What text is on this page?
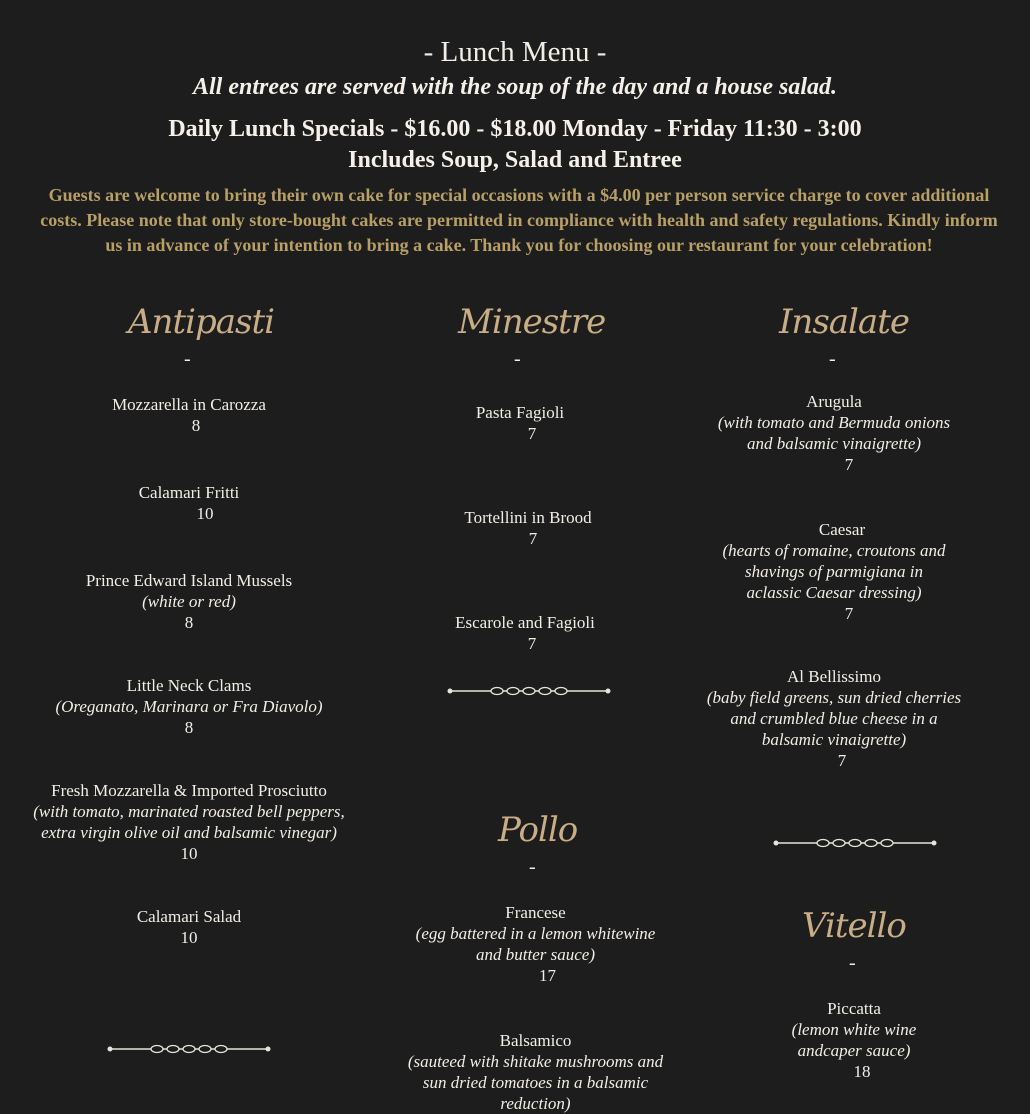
- Lunch Menu -
All entrees are served with the soup of the day and a house salad.
Daily Lunch Specials - $16.00 - $18.00 Monday - Friday 11:30 - 3:00
Includes Soup, Salad and Entree
Guests are welcome to bring their own cake for special occasions with a $4.00 per person service charge to cover additional costs. Please note that only store-bought cakes are permitted in compliance with health and safety regulations. Kindly inform us in advance of your intention to bring a cake. Thank you for choosing our restaurant for your celebration!
Antipasti
-
Mozzarella in Carozza
8
Calamari Fritti
10
Prince Edward Island Mussels
(white or red)
8
Little Neck Clams
(Oreganato, Marinara or Fra Diavolo)
8
Fresh Mozzarella & Imported Prosciutto
(with tomato, marinated roasted bell peppers, extra virgin olive oil and balsamic vinegar)
10
Calamari Salad
10
Minestre
-
Pasta Fagioli
7
Tortellini in Brood
7
Escarole and Fagioli
7
Pollo
-
Francese
(egg battered in a lemon whitewine and butter sauce)
17
Balsamico
(sauteed with shitake mushrooms and sun dried tomatoes in a balsamic reduction)
Insalate
-
Arugula
(with tomato and Bermuda onions and balsamic vinaigrette)
7
Caesar
(hearts of romaine, croutons and shavings of parmigiana in aclassic Caesar dressing)
7
Al Bellissimo
(baby field greens, sun dried cherries and crumbled blue cheese in a balsamic vinaigrette)
7
Vitello
-
Piccatta
(lemon white wine andcaper sauce)
18
